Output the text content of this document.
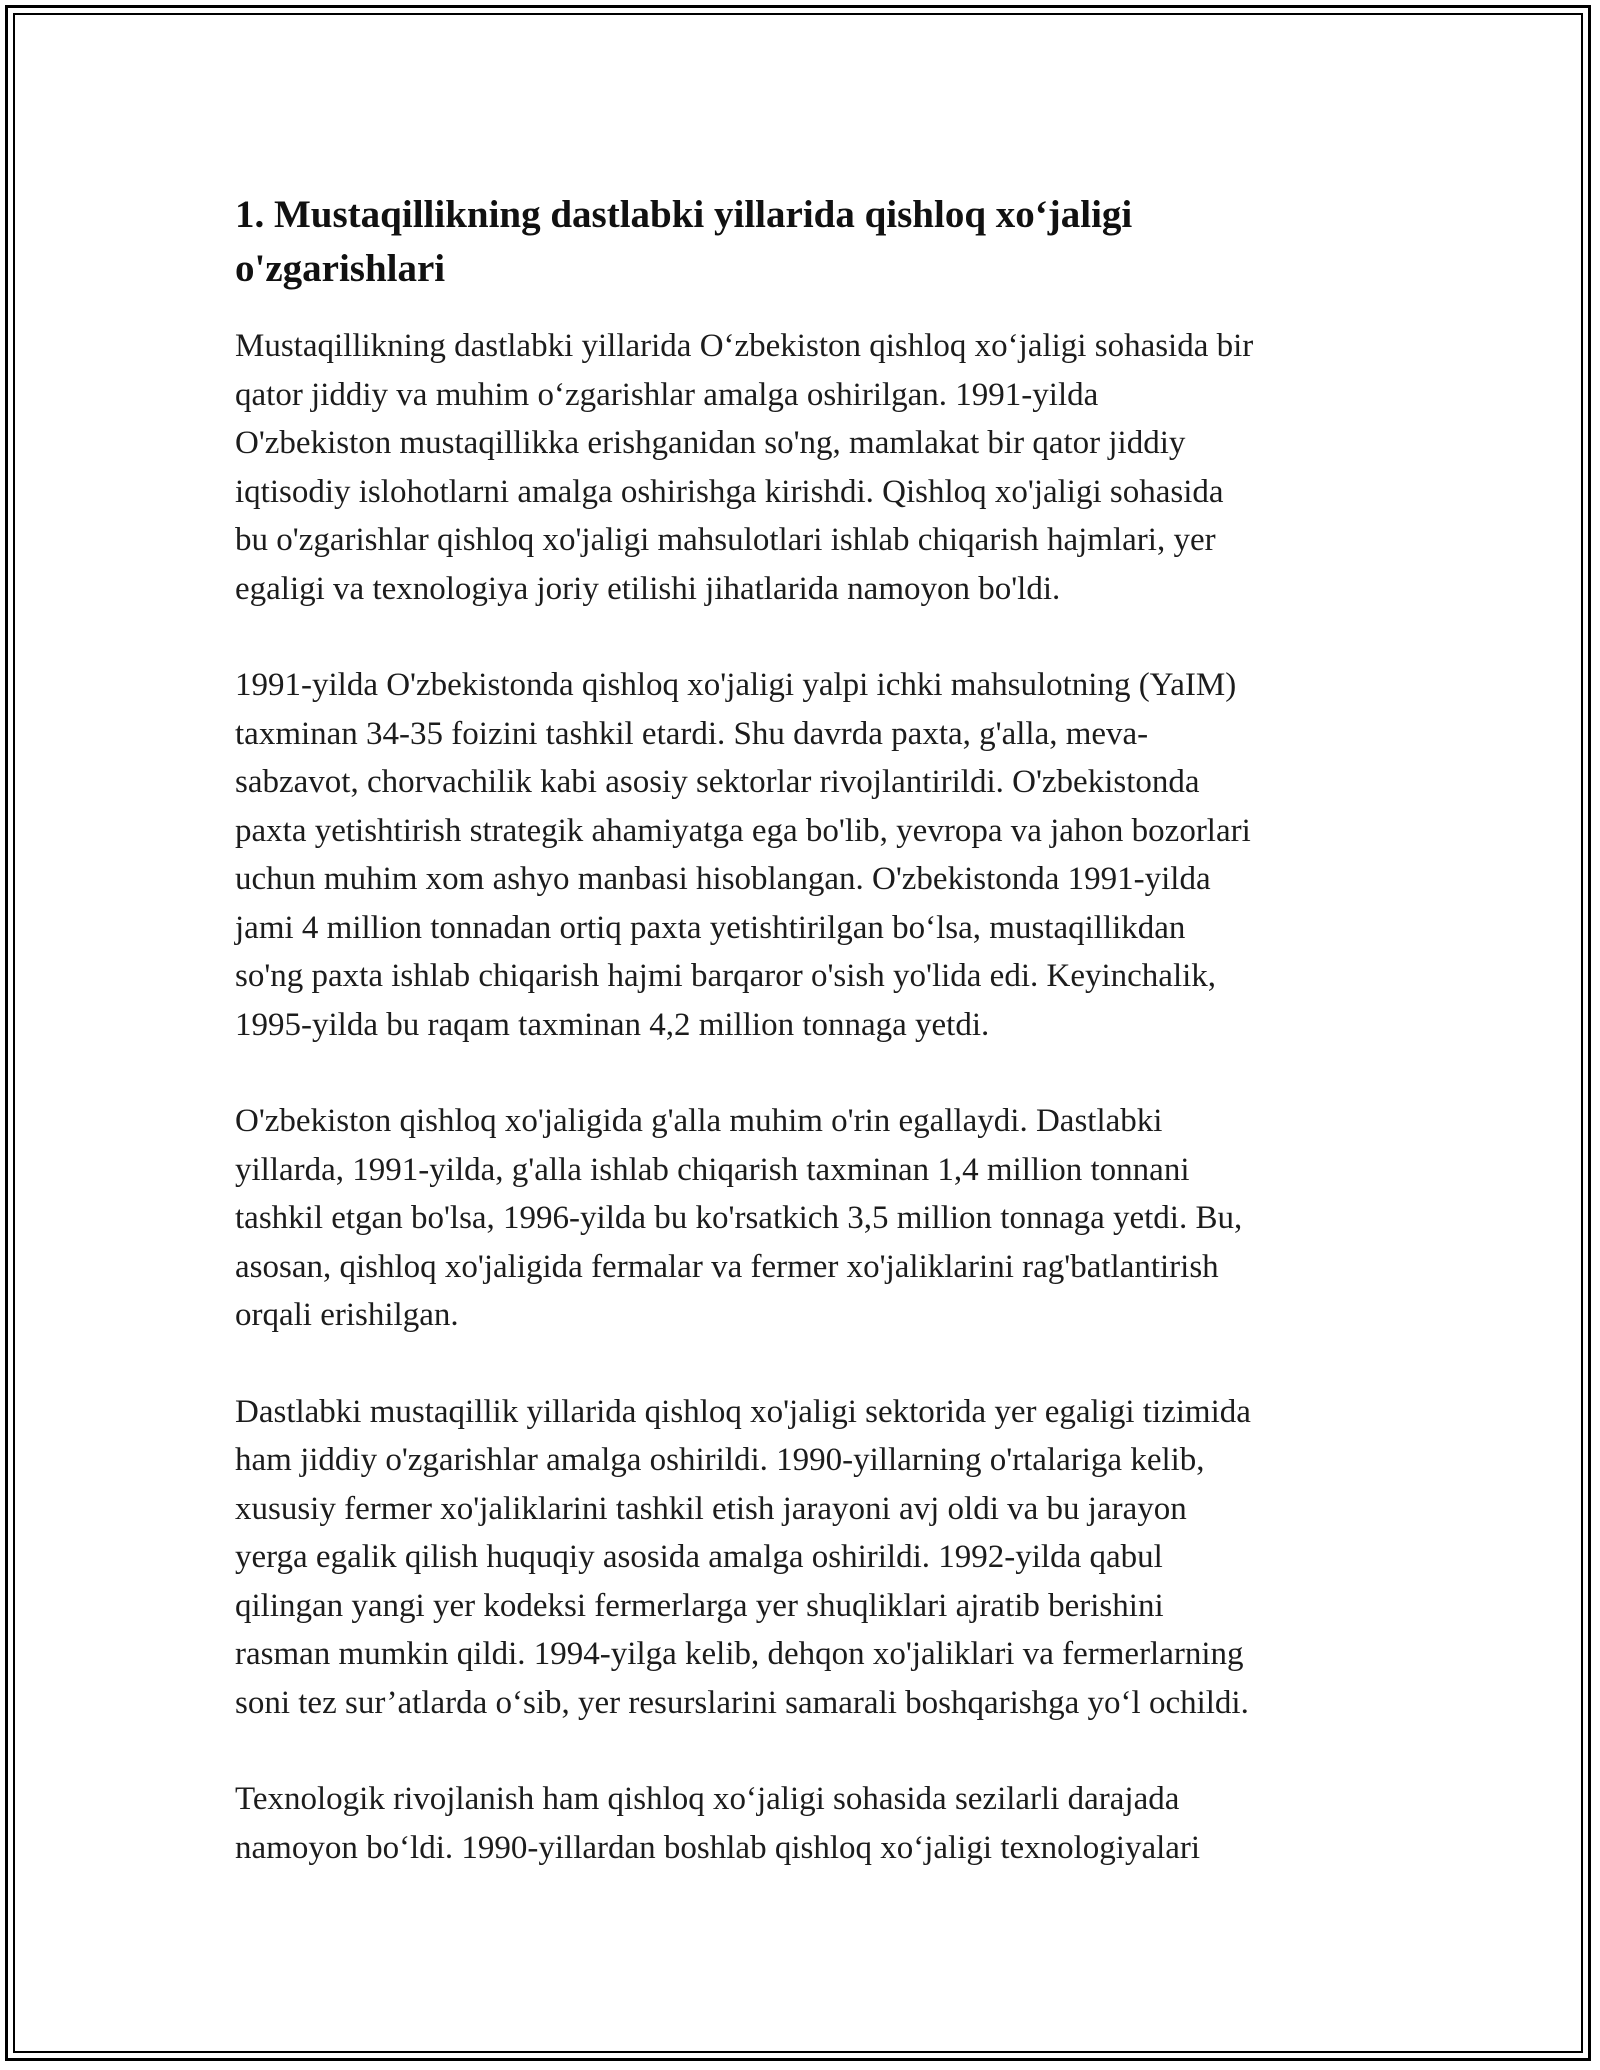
1. Mustaqillikning dastlabki yillarida qishloq xo‘jaligi
o'zgarishlari

Mustaqillikning dastlabki yillarida O‘zbekiston qishloq xo‘jaligi sohasida bir
qator jiddiy va muhim o‘zgarishlar amalga oshirilgan. 1991-yilda
O'zbekiston mustaqillikka erishganidan so'ng, mamlakat bir qator jiddiy
iqtisodiy islohotlarni amalga oshirishga kirishdi. Qishloq xo'jaligi sohasida
bu o'zgarishlar qishloq xo'jaligi mahsulotlari ishlab chiqarish hajmlari, yer
egaligi va texnologiya joriy etilishi jihatlarida namoyon bo'ldi.

1991-yilda O'zbekistonda qishloq xo'jaligi yalpi ichki mahsulotning (YaIM)
taxminan 34-35 foizini tashkil etardi. Shu davrda paxta, g'alla, meva-
sabzavot, chorvachilik kabi asosiy sektorlar rivojlantirildi. O'zbekistonda
paxta yetishtirish strategik ahamiyatga ega bo'lib, yevropa va jahon bozorlari
uchun muhim xom ashyo manbasi hisoblangan. O'zbekistonda 1991-yilda
jami 4 million tonnadan ortiq paxta yetishtirilgan bo‘lsa, mustaqillikdan
so'ng paxta ishlab chiqarish hajmi barqaror o'sish yo'lida edi. Keyinchalik,
1995-yilda bu raqam taxminan 4,2 million tonnaga yetdi.

O'zbekiston qishloq xo'jaligida g'alla muhim o'rin egallaydi. Dastlabki
yillarda, 1991-yilda, g'alla ishlab chiqarish taxminan 1,4 million tonnani
tashkil etgan bo'lsa, 1996-yilda bu ko'rsatkich 3,5 million tonnaga yetdi. Bu,
asosan, qishloq xo'jaligida fermalar va fermer xo'jaliklarini rag'batlantirish
orqali erishilgan.

Dastlabki mustaqillik yillarida qishloq xo'jaligi sektorida yer egaligi tizimida
ham jiddiy o'zgarishlar amalga oshirildi. 1990-yillarning o'rtalariga kelib,
xususiy fermer xo'jaliklarini tashkil etish jarayoni avj oldi va bu jarayon
yerga egalik qilish huquqiy asosida amalga oshirildi. 1992-yilda qabul
qilingan yangi yer kodeksi fermerlarga yer shuqliklari ajratib berishini
rasman mumkin qildi. 1994-yilga kelib, dehqon xo'jaliklari va fermerlarning
soni tez sur’atlarda o‘sib, yer resurslarini samarali boshqarishga yo‘l ochildi.

Texnologik rivojlanish ham qishloq xo‘jaligi sohasida sezilarli darajada
namoyon bo‘ldi. 1990-yillardan boshlab qishloq xo‘jaligi texnologiyalari
